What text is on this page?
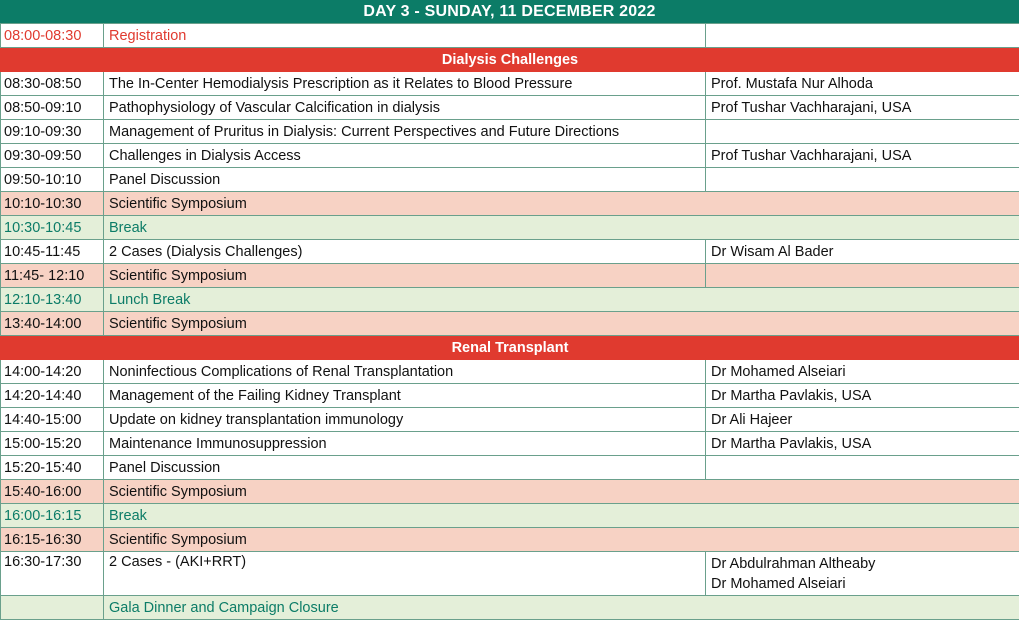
DAY 3 - SUNDAY, 11 DECEMBER 2022
08:00-08:30	Registration	
Dialysis Challenges		
08:30-08:50	The In-Center Hemodialysis Prescription as it Relates to Blood Pressure	Prof. Mustafa Nur Alhoda
08:50-09:10	Pathophysiology of Vascular Calcification in dialysis	Prof Tushar Vachharajani, USA
09:10-09:30	Management of Pruritus in Dialysis: Current Perspectives and Future Directions	
09:30-09:50	Challenges in Dialysis Access	Prof Tushar Vachharajani, USA
09:50-10:10	Panel Discussion	
10:10-10:30	Scientific Symposium	
10:30-10:45	Break	
10:45-11:45	2 Cases (Dialysis Challenges)	Dr Wisam Al Bader
11:45- 12:10	Scientific Symposium	
12:10-13:40	Lunch Break	
13:40-14:00	Scientific Symposium	
Renal Transplant		
14:00-14:20	Noninfectious Complications of Renal Transplantation	Dr Mohamed Alseiari
14:20-14:40	Management of the Failing Kidney Transplant	Dr Martha Pavlakis, USA
14:40-15:00	Update on kidney transplantation immunology	Dr Ali Hajeer
15:00-15:20	Maintenance Immunosuppression	Dr Martha Pavlakis, USA
15:20-15:40	Panel Discussion	
15:40-16:00	Scientific Symposium	
16:00-16:15	Break	
16:15-16:30	Scientific Symposium	
16:30-17:30	2 Cases - (AKI+RRT)	Dr Abdulrahman Altheaby
Dr Mohamed Alseiari

	Gala Dinner and Campaign Closure	
